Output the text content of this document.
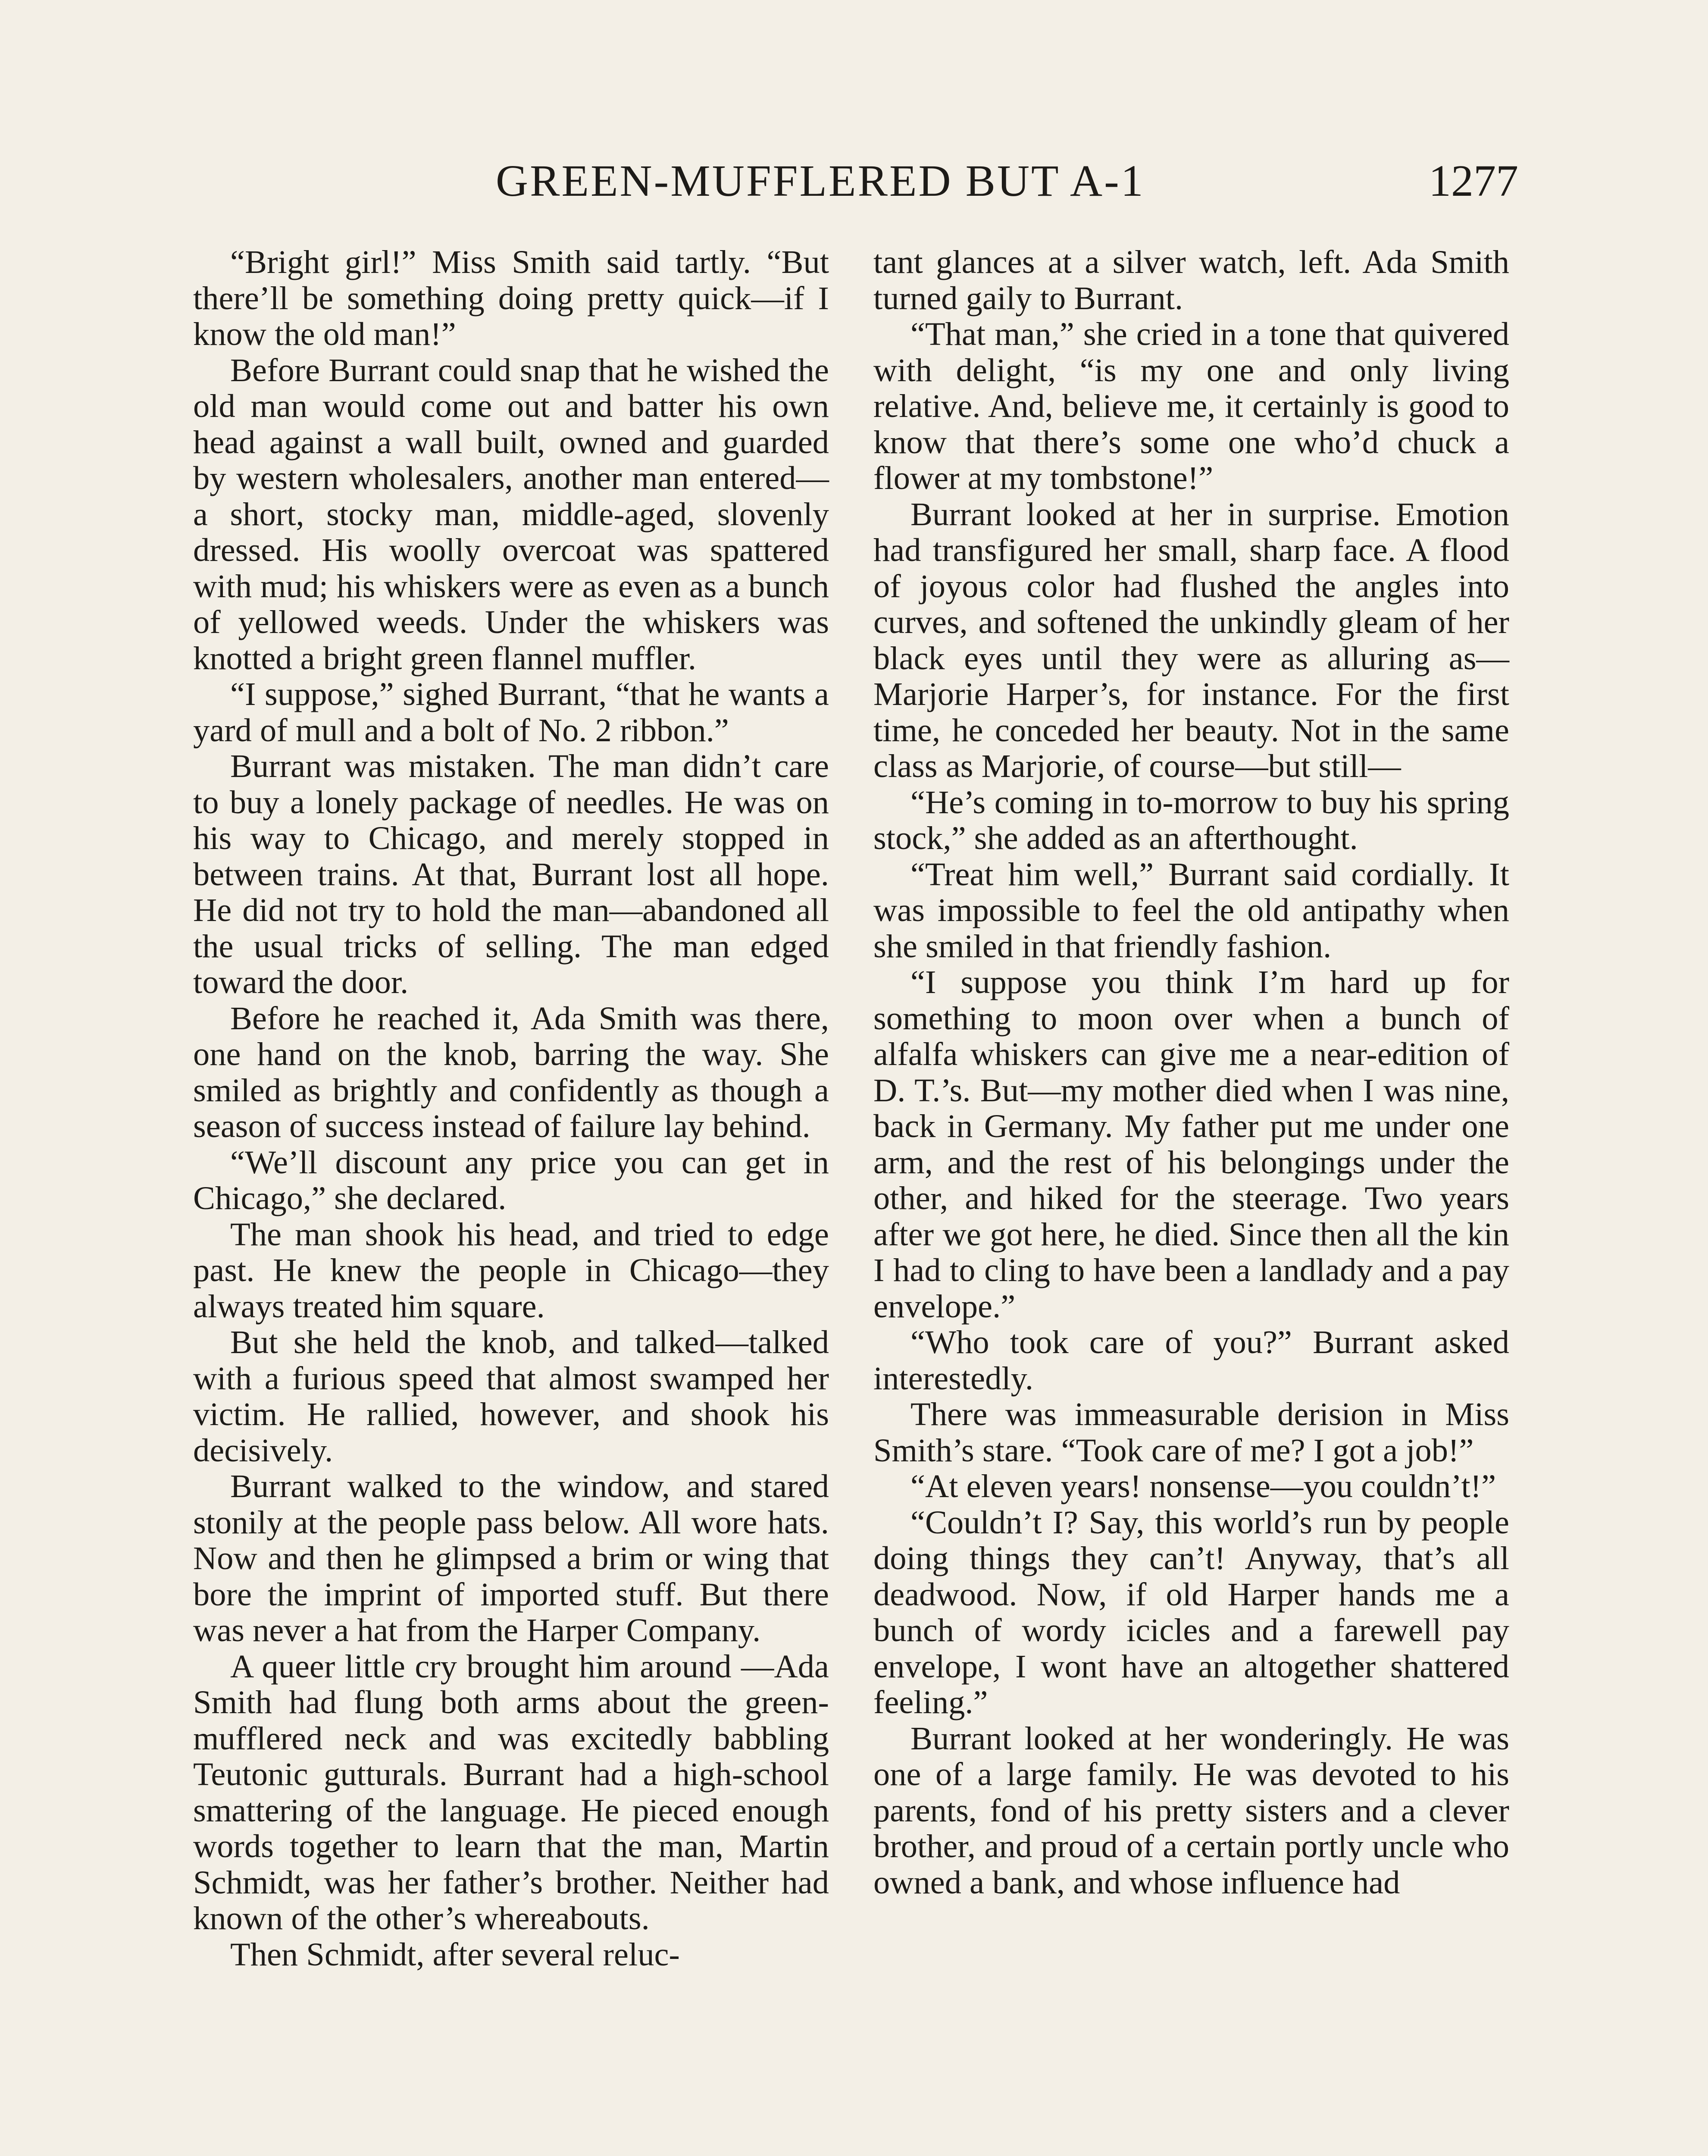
GREEN-MUFFLERED BUT A-1	1277

“Bright girl!” Miss Smith said tartly. “But there’ll be something doing pretty quick—if I know the old man!”

Before Burrant could snap that he wished the old man would come out and batter his own head against a wall built, owned and guarded by western wholesalers, another man entered—a short, stocky man, middle-aged, slovenly dressed. His woolly overcoat was spattered with mud; his whiskers were as even as a bunch of yellowed weeds. Under the whiskers was knotted a bright green flannel muffler.

“I suppose,” sighed Burrant, “that he wants a yard of mull and a bolt of No. 2 ribbon.”

Burrant was mistaken. The man didn’t care to buy a lonely package of needles. He was on his way to Chicago, and merely stopped in between trains. At that, Burrant lost all hope. He did not try to hold the man—abandoned all the usual tricks of selling. The man edged toward the door.

Before he reached it, Ada Smith was there, one hand on the knob, barring the way. She smiled as brightly and confidently as though a season of success instead of failure lay behind.

“We’ll discount any price you can get in Chicago,” she declared.

The man shook his head, and tried to edge past. He knew the people in Chicago—they always treated him square.

But she held the knob, and talked—talked with a furious speed that almost swamped her victim. He rallied, however, and shook his decisively.

Burrant walked to the window, and stared stonily at the people pass below. All wore hats. Now and then he glimpsed a brim or wing that bore the imprint of imported stuff. But there was never a hat from the Harper Company.

A queer little cry brought him around —Ada Smith had flung both arms about the green-mufflered neck and was excitedly babbling Teutonic gutturals. Burrant had a high-school smattering of the language. He pieced enough words together to learn that the man, Martin Schmidt, was her father’s brother. Neither had known of the other’s whereabouts.

Then Schmidt, after several reluc-

tant glances at a silver watch, left. Ada Smith turned gaily to Burrant.

“That man,” she cried in a tone that quivered with delight, “is my one and only living relative. And, believe me, it certainly is good to know that there’s some one who’d chuck a flower at my tombstone!”

Burrant looked at her in surprise. Emotion had transfigured her small, sharp face. A flood of joyous color had flushed the angles into curves, and softened the unkindly gleam of her black eyes until they were as alluring as—Marjorie Harper’s, for instance. For the first time, he conceded her beauty. Not in the same class as Marjorie, of course—but still—

“He’s coming in to-morrow to buy his spring stock,” she added as an afterthought.

“Treat him well,” Burrant said cordially. It was impossible to feel the old antipathy when she smiled in that friendly fashion.

“I suppose you think I’m hard up for something to moon over when a bunch of alfalfa whiskers can give me a near-edition of D. T.’s. But—my mother died when I was nine, back in Germany. My father put me under one arm, and the rest of his belongings under the other, and hiked for the steerage. Two years after we got here, he died. Since then all the kin I had to cling to have been a landlady and a pay envelope.”

“Who took care of you?” Burrant asked interestedly.

There was immeasurable derision in Miss Smith’s stare. “Took care of me? I got a job!”

“At eleven years! nonsense—you couldn’t!”

“Couldn’t I? Say, this world’s run by people doing things they can’t! Anyway, that’s all deadwood. Now, if old Harper hands me a bunch of wordy icicles and a farewell pay envelope, I wont have an altogether shattered feeling.”

Burrant looked at her wonderingly. He was one of a large family. He was devoted to his parents, fond of his pretty sisters and a clever brother, and proud of a certain portly uncle who owned a bank, and whose influence had
